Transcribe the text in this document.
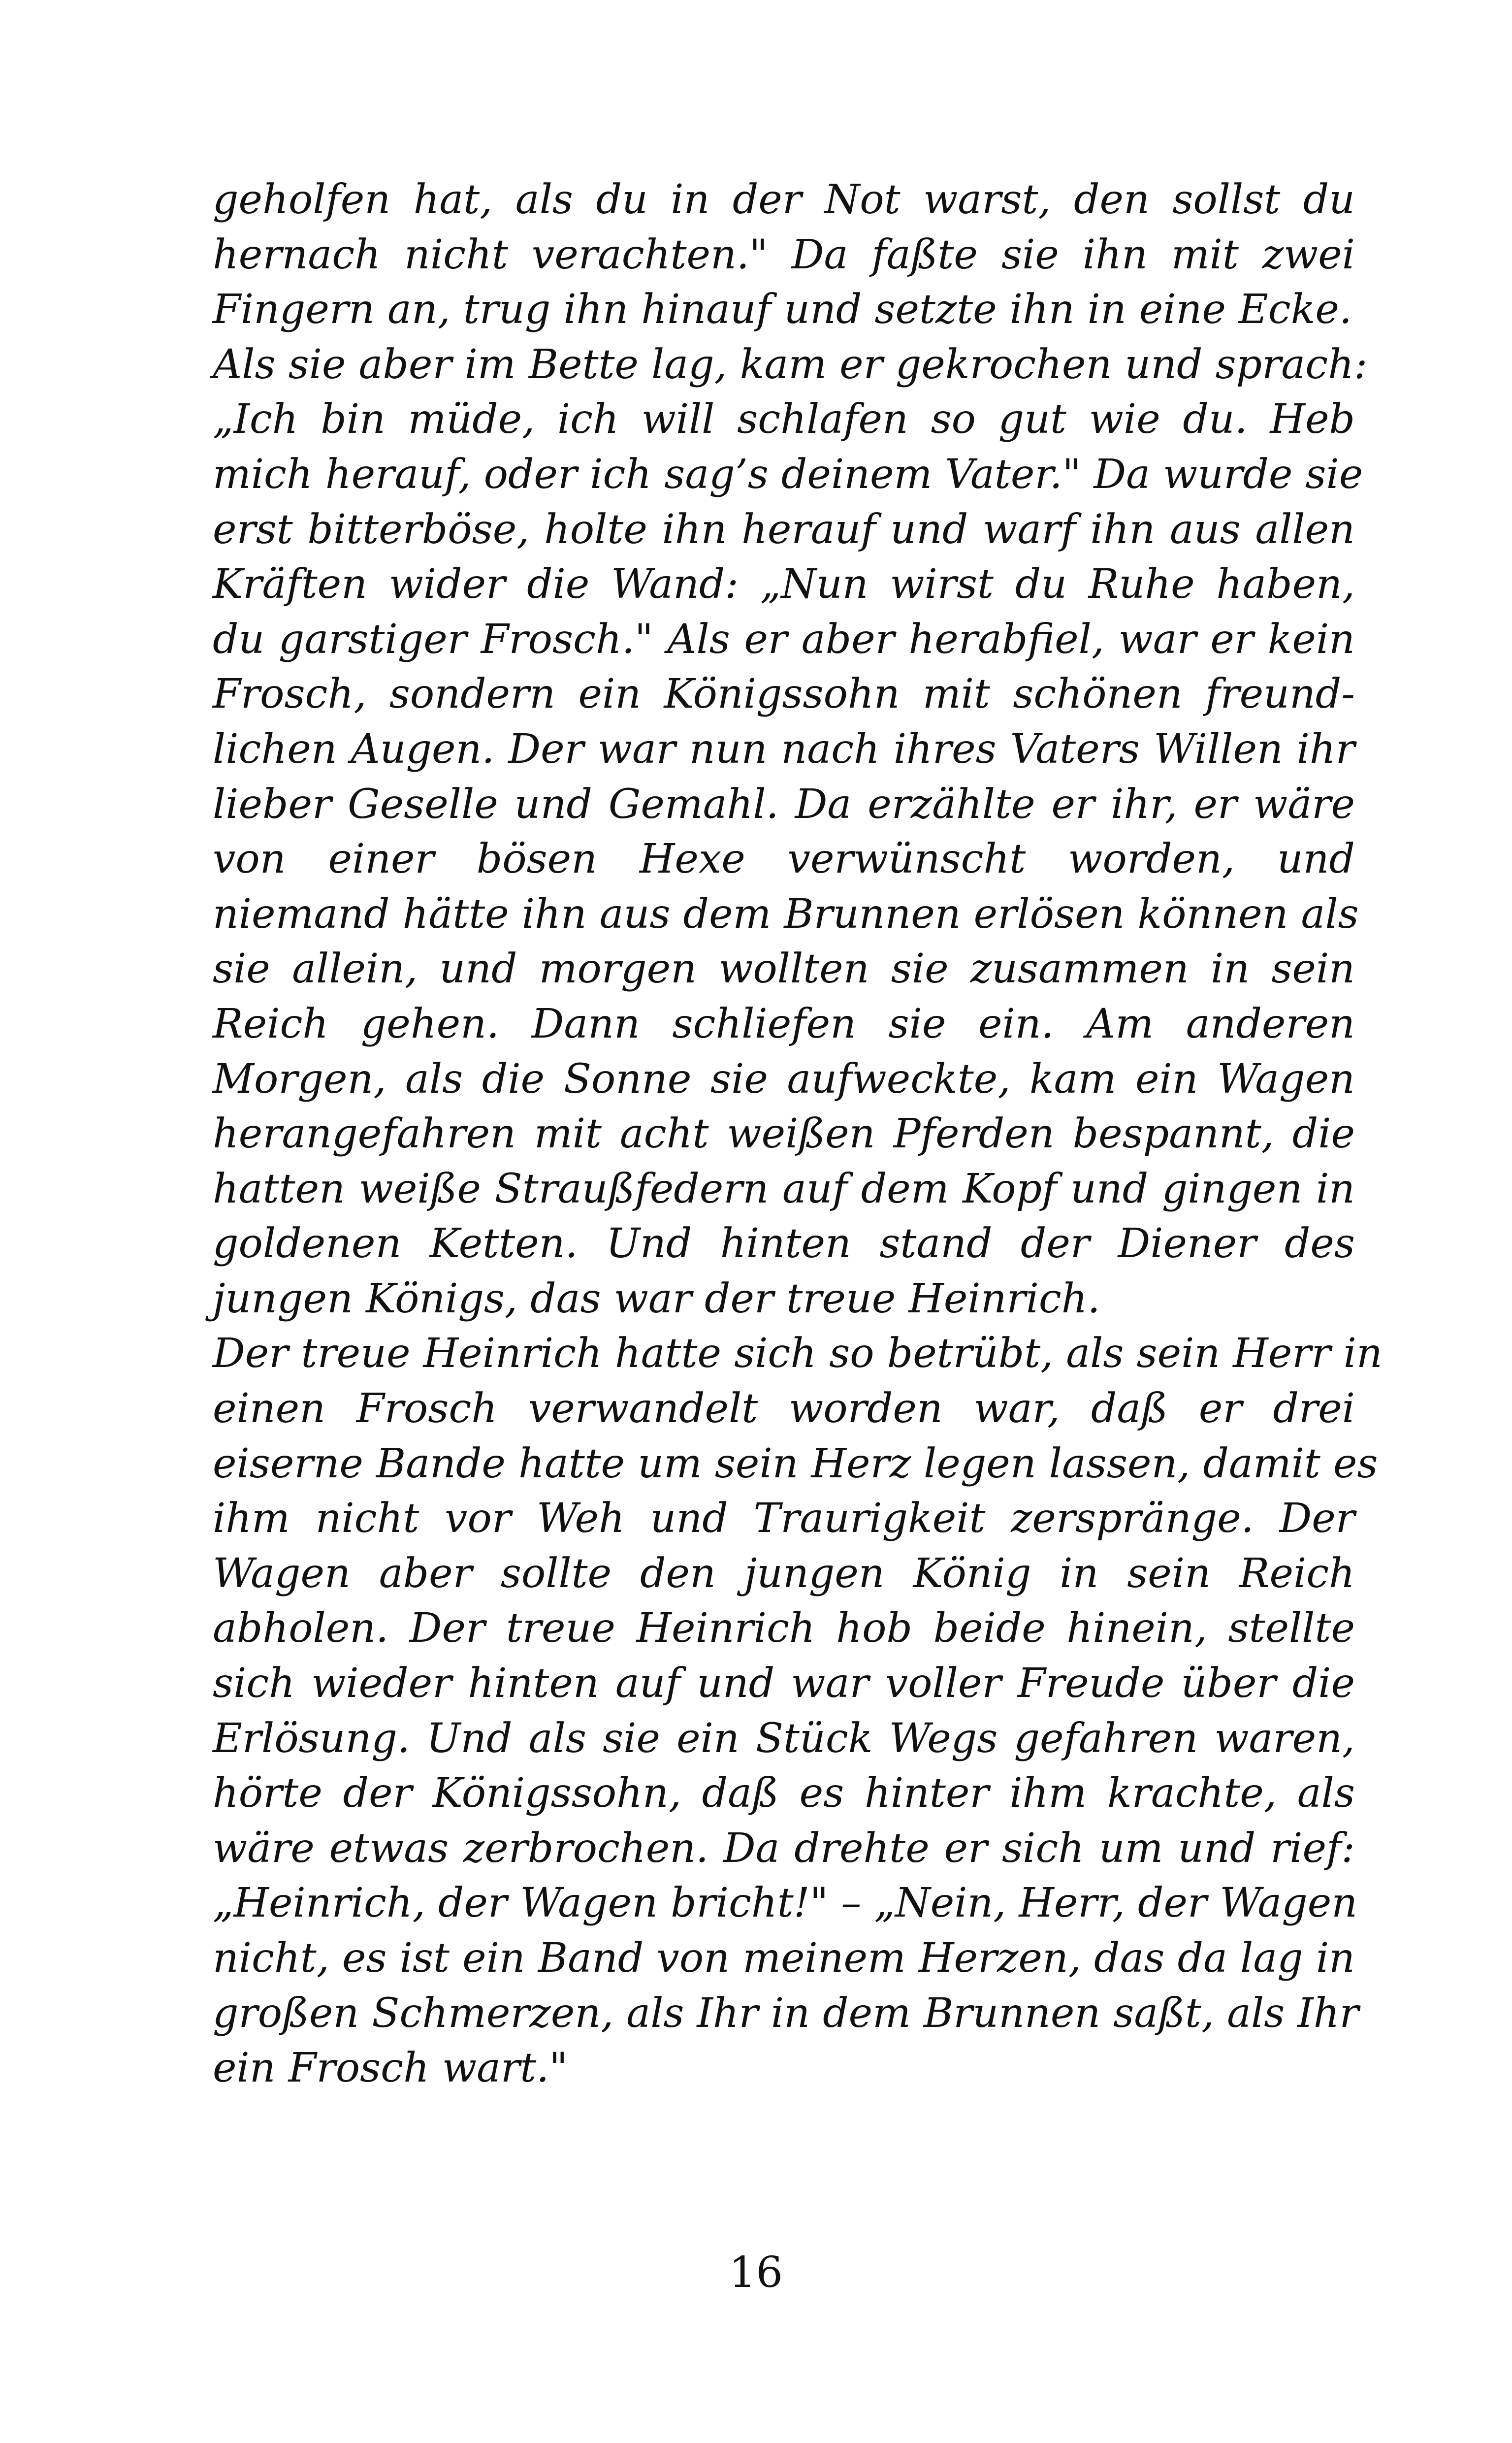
geholfen hat, als du in der Not warst, den sollst du
hernach nicht verachten." Da faßte sie ihn mit zwei
Fingern an, trug ihn hinauf und setzte ihn in eine Ecke.
Als sie aber im Bette lag, kam er gekrochen und sprach:
„Ich bin müde, ich will schlafen so gut wie du. Heb
mich herauf, oder ich sag’s deinem Vater." Da wurde sie
erst bitterböse, holte ihn herauf und warf ihn aus allen
Kräften wider die Wand: „Nun wirst du Ruhe haben,
du garstiger Frosch." Als er aber herabfiel, war er kein
Frosch, sondern ein Königssohn mit schönen freund-
lichen Augen. Der war nun nach ihres Vaters Willen ihr
lieber Geselle und Gemahl. Da erzählte er ihr, er wäre
von einer bösen Hexe verwünscht worden, und
niemand hätte ihn aus dem Brunnen erlösen können als
sie allein, und morgen wollten sie zusammen in sein
Reich gehen. Dann schliefen sie ein. Am anderen
Morgen, als die Sonne sie aufweckte, kam ein Wagen
herangefahren mit acht weißen Pferden bespannt, die
hatten weiße Straußfedern auf dem Kopf und gingen in
goldenen Ketten. Und hinten stand der Diener des
jungen Königs, das war der treue Heinrich.
Der treue Heinrich hatte sich so betrübt, als sein Herr in
einen Frosch verwandelt worden war, daß er drei
eiserne Bande hatte um sein Herz legen lassen, damit es
ihm nicht vor Weh und Traurigkeit zerspränge. Der
Wagen aber sollte den jungen König in sein Reich
abholen. Der treue Heinrich hob beide hinein, stellte
sich wieder hinten auf und war voller Freude über die
Erlösung. Und als sie ein Stück Wegs gefahren waren,
hörte der Königssohn, daß es hinter ihm krachte, als
wäre etwas zerbrochen. Da drehte er sich um und rief:
„Heinrich, der Wagen bricht!" – „Nein, Herr, der Wagen
nicht, es ist ein Band von meinem Herzen, das da lag in
großen Schmerzen, als Ihr in dem Brunnen saßt, als Ihr
ein Frosch wart."
16
